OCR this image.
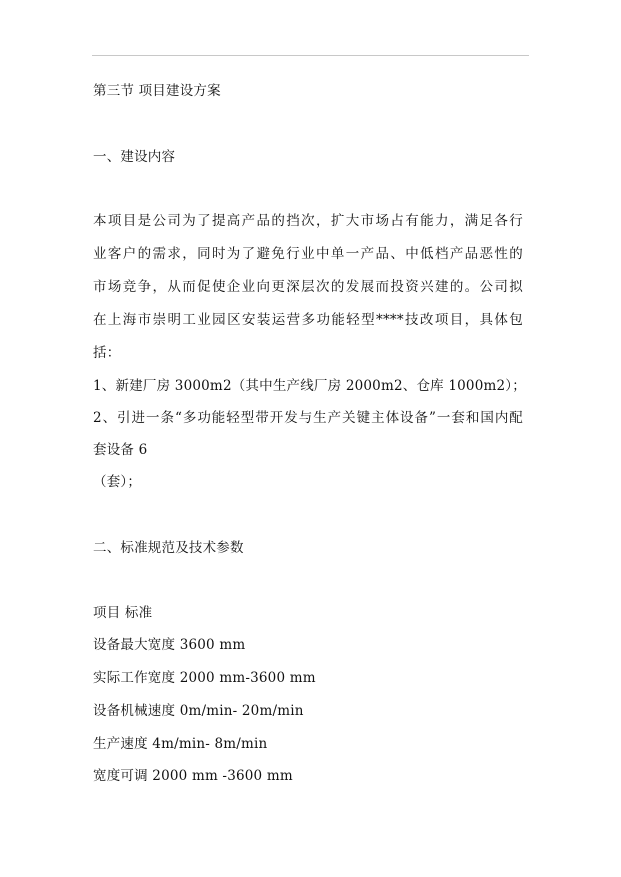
第三节 项目建设方案
一、建设内容
本项目是公司为了提高产品的挡次，扩大市场占有能力，满足各行
业客户的需求，同时为了避免行业中单一产品、中低档产品恶性的
市场竞争，从而促使企业向更深层次的发展而投资兴建的。公司拟
在上海市崇明工业园区安装运营多功能轻型****技改项目，具体包
括：
1、新建厂房 3000m2（其中生产线厂房 2000m2、仓库 1000m2）；
2、引进一条“多功能轻型带开发与生产关键主体设备”一套和国内配
套设备 6
（套）；
二、标准规范及技术参数
项目 标准
设备最大宽度 3600 mm
实际工作宽度 2000 mm-3600 mm
设备机械速度 0m/min- 20m/min
生产速度 4m/min- 8m/min
宽度可调 2000 mm -3600 mm
